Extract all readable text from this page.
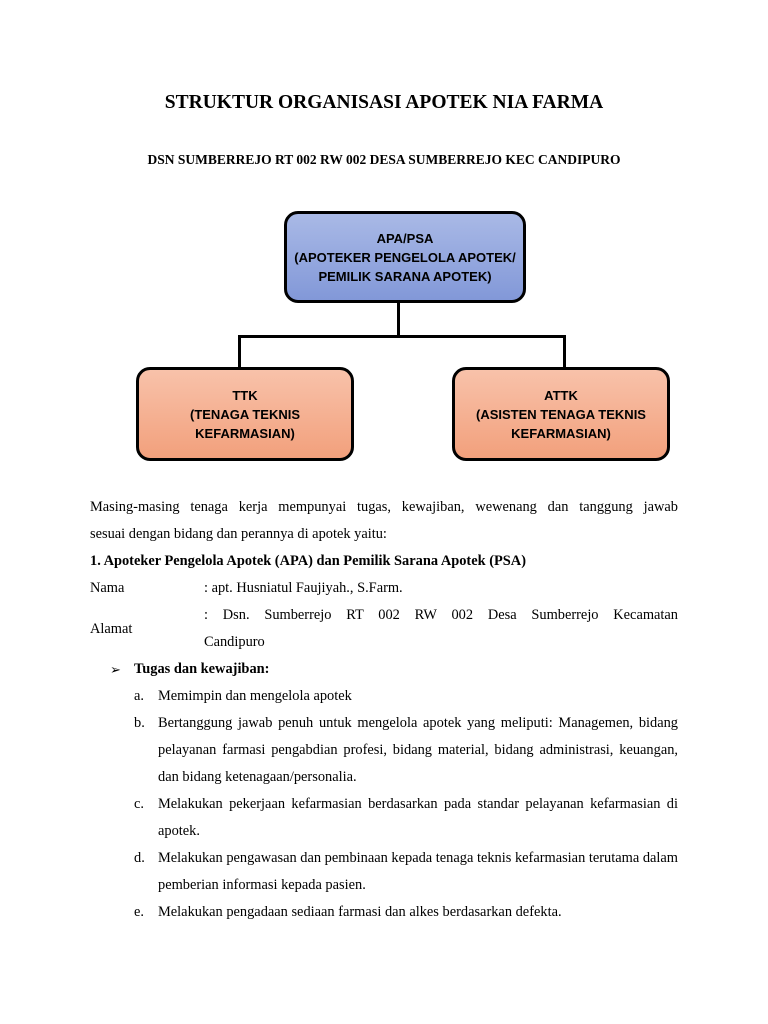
STRUKTUR ORGANISASI APOTEK NIA FARMA
DSN SUMBERREJO RT 002 RW 002 DESA SUMBERREJO KEC CANDIPURO
APA/PSA
(APOTEKER PENGELOLA APOTEK/
PEMILIK SARANA APOTEK)
TTK
(TENAGA TEKNIS
KEFARMASIAN)
ATTK
(ASISTEN TENAGA TEKNIS
KEFARMASIAN)

Masing-masing tenaga kerja mempunyai tugas, kewajiban, wewenang dan tanggung jawab

sesuai dengan bidang dan perannya di apotek yaitu:

1. Apoteker Pengelola Apotek (APA) dan Pemilik Sarana Apotek (PSA)

Nama	: apt. Husniatul Faujiyah., S.Farm.
Alamat
: Dsn. Sumberrejo RT 002 RW 002 Desa Sumberrejo Kecamatan
Candipuro
➢ Tugas dan kewajiban:
a. Memimpin dan mengelola apotek
b. Bertanggung jawab penuh untuk mengelola apotek yang meliputi: Managemen, bidang pelayanan farmasi pengabdian profesi, bidang material, bidang administrasi, keuangan, dan bidang ketenagaan/personalia.
c. Melakukan pekerjaan kefarmasian berdasarkan pada standar pelayanan kefarmasian di apotek.
d. Melakukan pengawasan dan pembinaan kepada tenaga teknis kefarmasian terutama dalam pemberian informasi kepada pasien.
e. Melakukan pengadaan sediaan farmasi dan alkes berdasarkan defekta.
